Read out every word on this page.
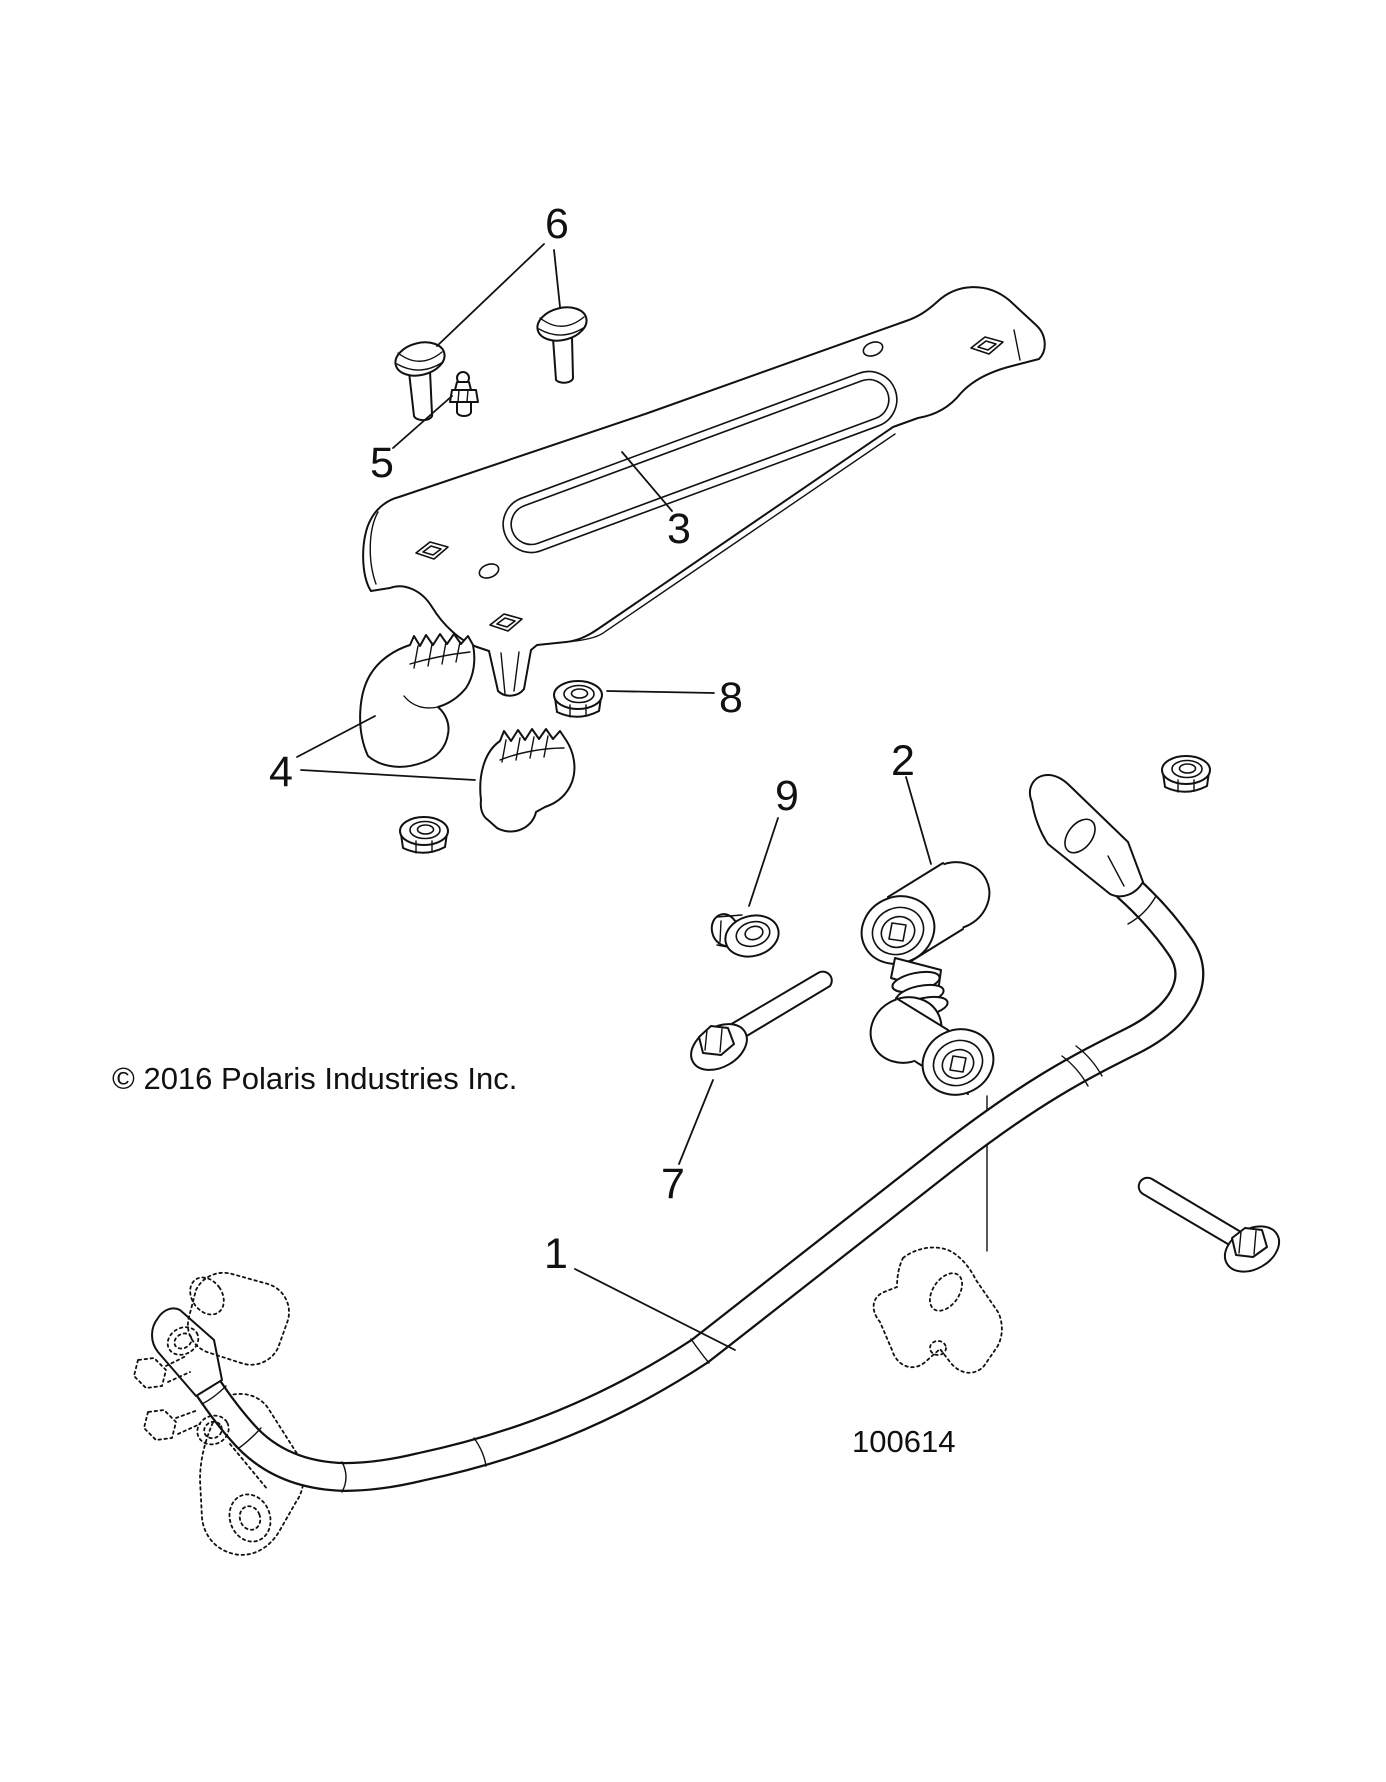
1
2
3
4
5
6
7
8
9
© 2016 Polaris Industries Inc.
100614
